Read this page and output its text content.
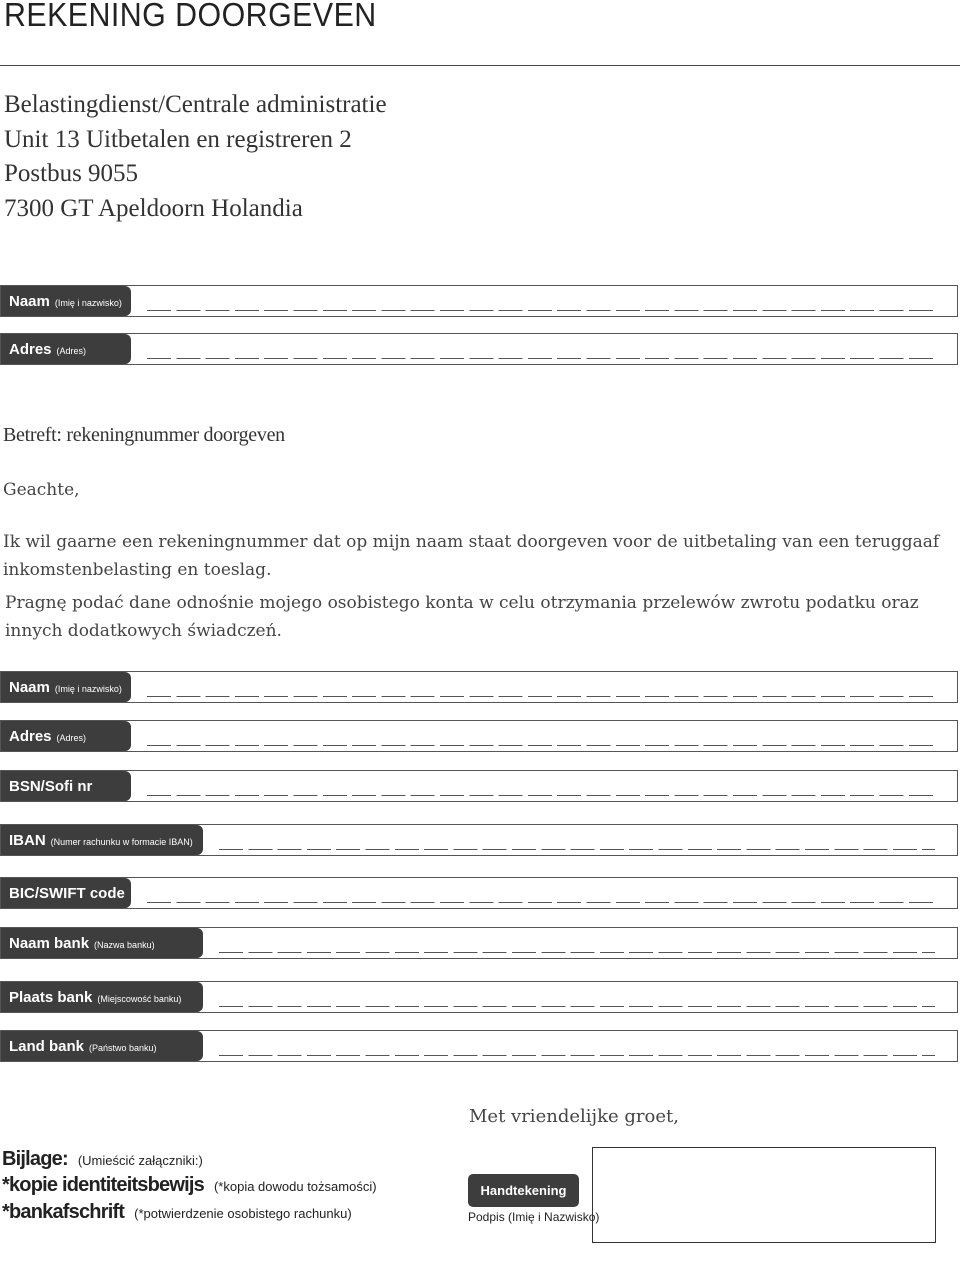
REKENING DOORGEVEN
Belastingdienst/Centrale administratie
Unit 13 Uitbetalen en registreren 2
Postbus 9055
7300 GT Apeldoorn Holandia
Naam (Imię i nazwisko)
Adres (Adres)
Betreft: rekeningnummer doorgeven
Geachte,
Ik wil gaarne een rekeningnummer dat op mijn naam staat doorgeven voor de uitbetaling van een teruggaaf inkomstenbelasting en toeslag.
Pragnę podać dane odnośnie mojego osobistego konta w celu otrzymania przelewów zwrotu podatku oraz innych dodatkowych świadczeń.
Naam (Imię i nazwisko)
Adres (Adres)
BSN/Sofi nr
IBAN (Numer rachunku w formacie IBAN)
BIC/SWIFT code
Naam bank (Nazwa banku)
Plaats bank (Miejscowość banku)
Land bank (Państwo banku)
Met vriendelijke groet,
Bijlage: (Umieścić załączniki:)
*kopie identiteitsbewijs (*kopia dowodu tożsamości)
*bankafschrift (*potwierdzenie osobistego rachunku)
Handtekening
Podpis (Imię i Nazwisko)
